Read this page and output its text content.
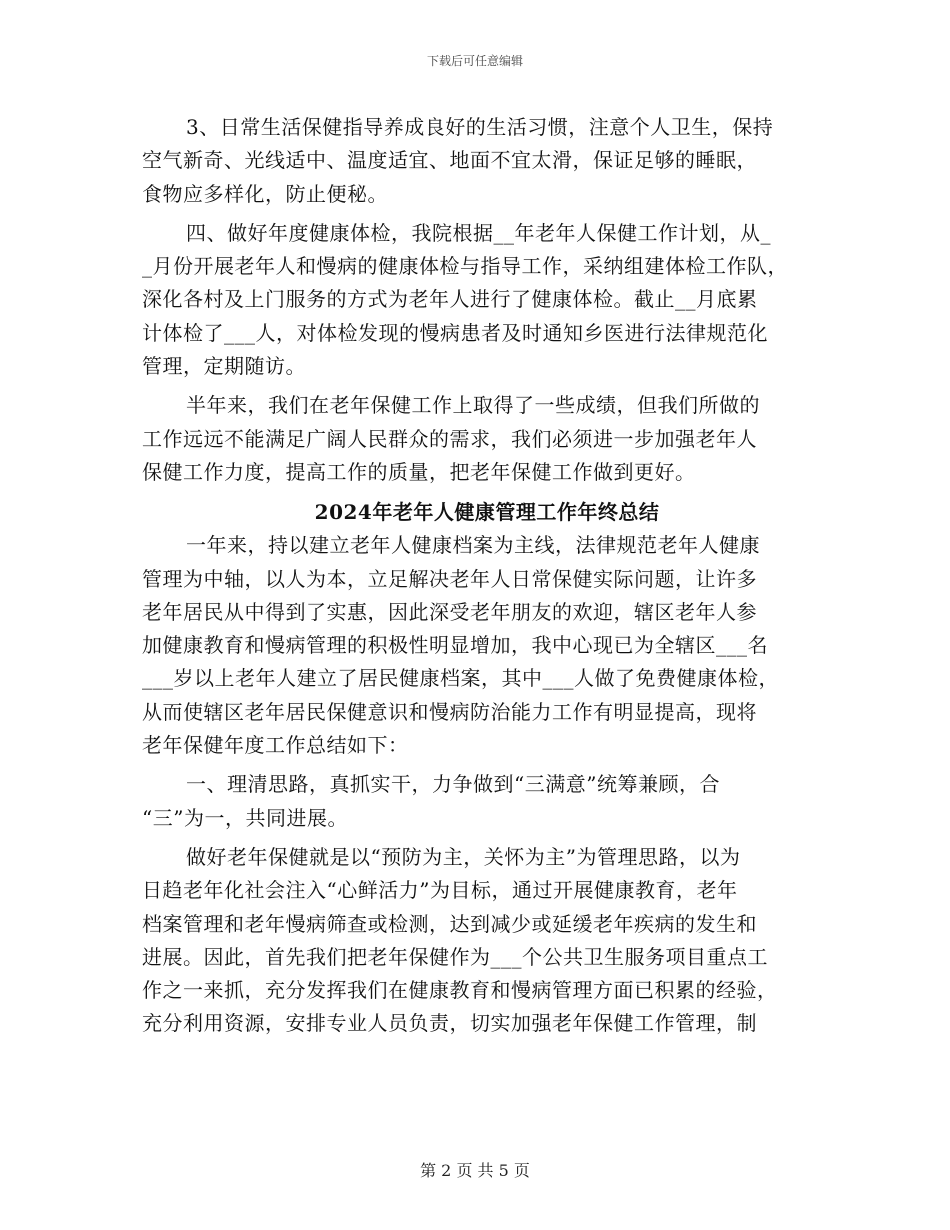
下载后可任意编辑
3、日常生活保健指导养成良好的生活习惯，注意个人卫生，保持
空气新奇、光线适中、温度适宜、地面不宜太滑，保证足够的睡眠，
食物应多样化，防止便秘。
四、做好年度健康体检，我院根据__年老年人保健工作计划，从_
_月份开展老年人和慢病的健康体检与指导工作，采纳组建体检工作队，
深化各村及上门服务的方式为老年人进行了健康体检。截止__月底累
计体检了___人，对体检发现的慢病患者及时通知乡医进行法律规范化
管理，定期随访。
半年来，我们在老年保健工作上取得了一些成绩，但我们所做的
工作远远不能满足广阔人民群众的需求，我们必须进一步加强老年人
保健工作力度，提高工作的质量，把老年保健工作做到更好。
2024年老年人健康管理工作年终总结
一年来，持以建立老年人健康档案为主线，法律规范老年人健康
管理为中轴，以人为本，立足解决老年人日常保健实际问题，让许多
老年居民从中得到了实惠，因此深受老年朋友的欢迎，辖区老年人参
加健康教育和慢病管理的积极性明显增加，我中心现已为全辖区___名
___岁以上老年人建立了居民健康档案，其中___人做了免费健康体检，
从而使辖区老年居民保健意识和慢病防治能力工作有明显提高，现将
老年保健年度工作总结如下：
一、理清思路，真抓实干，力争做到“三满意”统筹兼顾，合
“三”为一，共同进展。
做好老年保健就是以“预防为主，关怀为主”为管理思路，以为
日趋老年化社会注入“心鲜活力”为目标，通过开展健康教育，老年
档案管理和老年慢病筛查或检测，达到减少或延缓老年疾病的发生和
进展。因此，首先我们把老年保健作为___个公共卫生服务项目重点工
作之一来抓，充分发挥我们在健康教育和慢病管理方面已积累的经验，
充分利用资源，安排专业人员负责，切实加强老年保健工作管理，制
第 2 页 共 5 页
